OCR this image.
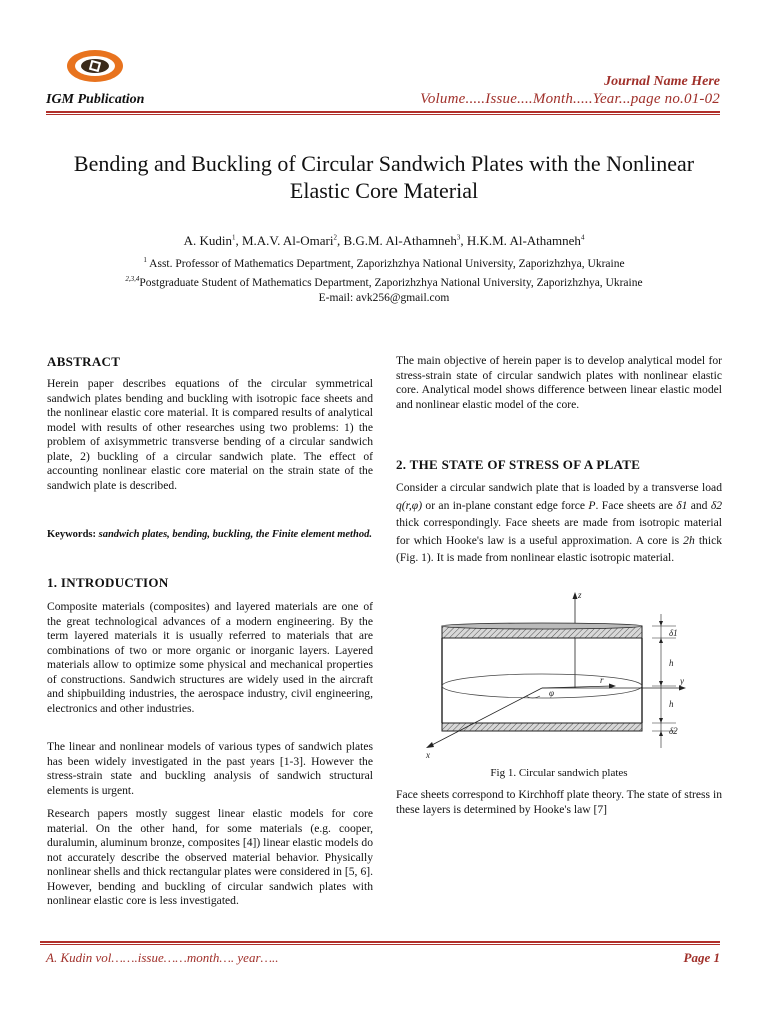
Journal Name Here
IGM Publication	Volume.....Issue....Month.....Year...page no.01-02
Bending and Buckling of Circular Sandwich Plates with the Nonlinear Elastic Core Material
A. Kudin$^1$, M.A.V. Al-Omari$^2$, B.G.M. Al-Athamneh$^3$, H.K.M. Al-Athamneh$^4$
$^1$ Asst. Professor of Mathematics Department, Zaporizhzhya National University, Zaporizhzhya, Ukraine
$^{2,3,4}$Postgraduate Student of Mathematics Department, Zaporizhzhya National University, Zaporizhzhya, Ukraine
E-mail: avk256@gmail.com
ABSTRACT
Herein paper describes equations of the circular symmetrical sandwich plates bending and buckling with isotropic face sheets and the nonlinear elastic core material. It is compared results of analytical model with results of other researches using two problems: 1) the problem of axisymmetric transverse bending of a circular sandwich plate, 2) buckling of a circular sandwich plate. The effect of accounting nonlinear elastic core material on the strain state of the sandwich plate is described.
Keywords: sandwich plates, bending, buckling, the Finite element method.
1. INTRODUCTION
Composite materials (composites) and layered materials are one of the great technological advances of a modern engineering. By the term layered materials it is usually referred to materials that are combinations of two or more organic or inorganic layers. Layered materials allow to optimize some physical and mechanical properties of constructions. Sandwich structures are widely used in the aircraft and shipbuilding industries, the aerospace industry, civil engineering, electronics and other industries.
The linear and nonlinear models of various types of sandwich plates has been widely investigated in the past years [1-3]. However the stress-strain state and buckling analysis of sandwich structural elements is urgent.
Research papers mostly suggest linear elastic models for core material. On the other hand, for some materials (e.g. cooper, duralumin, aluminum bronze, composites [4]) linear elastic models do not accurately describe the observed material behavior. Physically nonlinear shells and thick rectangular plates were considered in [5, 6]. However, bending and buckling of circular sandwich plates with nonlinear elastic core is less investigated.
The main objective of herein paper is to develop analytical model for stress-strain state of circular sandwich plates with nonlinear elastic core. Analytical model shows difference between linear elastic model and nonlinear elastic model of the core.
2. THE STATE OF STRESS OF A PLATE
Consider a circular sandwich plate that is loaded by a transverse load q(r,φ) or an in-plane constant edge force P. Face sheets are δ1 and δ2 thick correspondingly. Face sheets are made from isotropic material for which Hooke's law is a useful approximation. A core is 2h thick (Fig. 1). It is made from nonlinear elastic isotropic material.
z
y
x
r
φ
δ1
h
h
δ2
Fig 1. Circular sandwich plates
Face sheets correspond to Kirchhoff plate theory. The state of stress in these layers is determined by Hooke's law [7]
A. Kudin vol…….issue……month…. year…..	Page 1
